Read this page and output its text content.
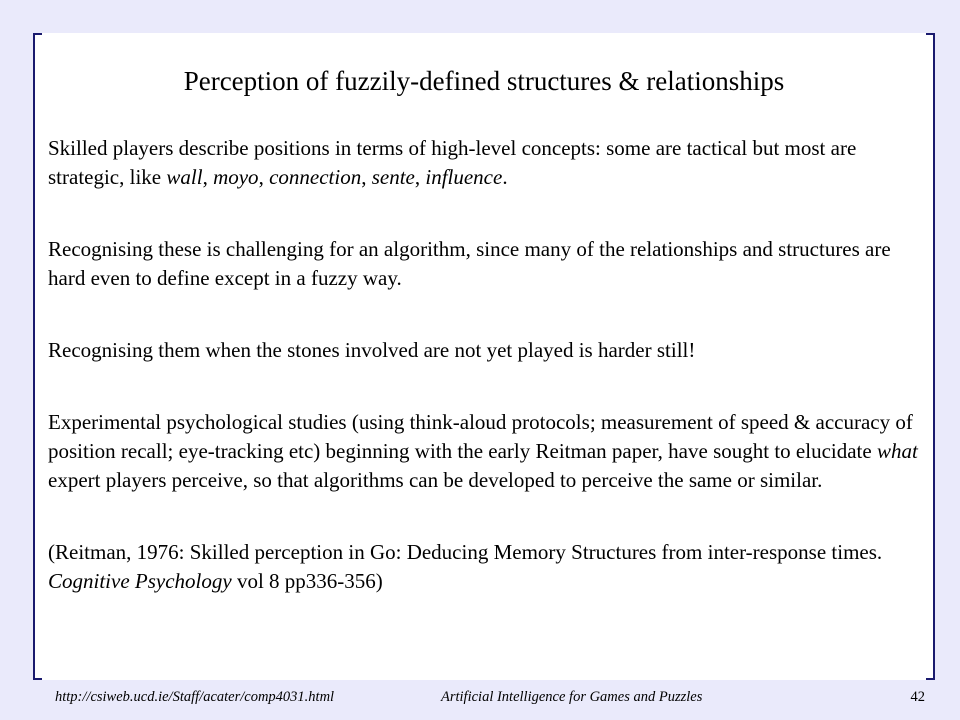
Perception of fuzzily-defined structures & relationships

Skilled players describe positions in terms of high-level concepts: some are tactical but most are strategic, like wall, moyo, connection, sente, influence.

Recognising these is challenging for an algorithm, since many of the relationships and structures are hard even to define except in a fuzzy way.

Recognising them when the stones involved are not yet played is harder still!

Experimental psychological studies (using think-aloud protocols; measurement of speed & accuracy of position recall; eye-tracking etc) beginning with the early Reitman paper, have sought to elucidate what expert players perceive, so that algorithms can be developed to perceive the same or similar.

(Reitman, 1976: Skilled perception in Go: Deducing Memory Structures from inter-response times. Cognitive Psychology vol 8 pp336-356)

http://csiweb.ucd.ie/Staff/acater/comp4031.html	Artificial Intelligence for Games and Puzzles	42
